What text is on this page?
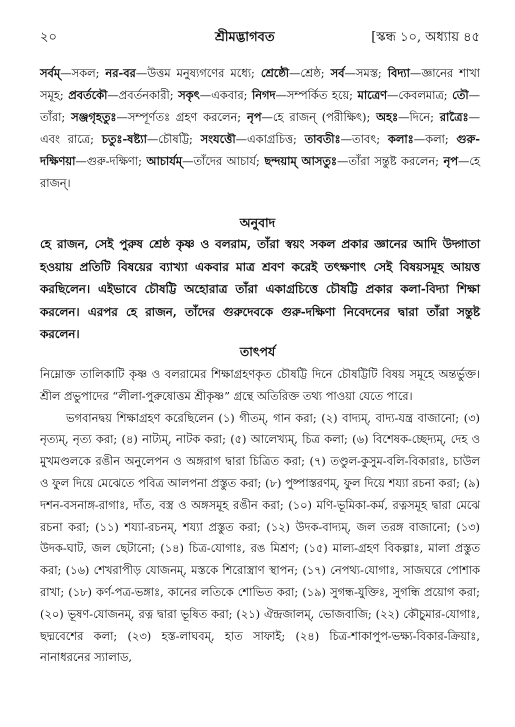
২০	শ্রীমদ্ভাগবত	[স্কন্ধ ১০, অধ্যায় ৪৫
সর্বম্—সকল; নর-বর—উত্তম মনুষ্যগণের মধ্যে; শ্রেষ্ঠৌ—শ্রেষ্ঠ; সর্ব—সমস্ত; বিদ্যা—জ্ঞানের শাখা সমূহ; প্রবর্তকৌ—প্রবর্তনকারী; সকৃৎ—একবার; নিগদ—সম্পর্কিত হয়ে; মাত্রেণ—কেবলমাত্র; তৌ—তাঁরা; সঞ্জগৃহতুঃ—সম্পূর্ণতঃ গ্রহণ করলেন; নৃপ—হে রাজন্ (পরীক্ষিৎ); অহঃ—দিনে; রাত্রৈঃ—এবং রাত্রে; চতুঃ-ষষ্ট্যা—চৌষট্টি; সংযত্তৌ—একাগ্রচিত্ত; তাবতীঃ—তাবৎ; কলাঃ—কলা; গুরু-দক্ষিণয়া—গুরু-দক্ষিণা; আচার্যম্—তাঁদের আচার্য; ছন্দয়াম্ আসতুঃ—তাঁরা সন্তুষ্ট করলেন; নৃপ—হে রাজন্।
অনুবাদ
হে রাজন, সেই পুরুষ শ্রেষ্ঠ কৃষ্ণ ও বলরাম, তাঁরা স্বয়ং সকল প্রকার জ্ঞানের আদি উদ্গাতা হওয়ায় প্রতিটি বিষয়ের ব্যাখ্যা একবার মাত্র শ্রবণ করেই তৎক্ষণাৎ সেই বিষয়সমূহ আয়ত্ত করছিলেন। এইভাবে চৌষট্টি অহোরাত্র তাঁরা একাগ্রচিত্তে চৌষট্টি প্রকার কলা-বিদ্যা শিক্ষা করলেন। এরপর হে রাজন, তাঁদের গুরুদেবকে গুরু-দক্ষিণা নিবেদনের দ্বারা তাঁরা সন্তুষ্ট করলেন।
তাৎপর্য

নিম্নোক্ত তালিকাটি কৃষ্ণ ও বলরামের শিক্ষাগ্রহণকৃত চৌষট্টি দিনে চৌষট্টিটি বিষয় সমূহে অন্তর্ভুক্ত। শ্রীল প্রভুপাদের “লীলা-পুরুষোত্তম শ্রীকৃষ্ণ” গ্রন্থে অতিরিক্ত তথ্য পাওয়া যেতে পারে।

ভগবানদ্বয় শিক্ষাগ্রহণ করেছিলেন (১) গীতম্, গান করা; (২) বাদ্যম্, বাদ্য-যন্ত্র বাজানো; (৩) নৃত্যম্, নৃত্য করা; (৪) নাট্যম্, নাটক করা; (৫) আলেখ্যম্, চিত্র কলা; (৬) বিশেষক-চ্ছেদ্যম্, দেহ ও মুখমণ্ডলকে রঙীন অনুলেপন ও অঙ্গরাগ দ্বারা চিত্রিত করা; (৭) তণ্ডুল-কুসুম-বলি-বিকারাঃ, চাউল ও ফুল দিয়ে মেঝেতে পবিত্র আলপনা প্রস্তুত করা; (৮) পুষ্পাস্তরণম্, ফুল দিয়ে শয্যা রচনা করা; (৯) দশন-বসনাঙ্গ-রাগাঃ, দাঁত, বস্ত্র ও অঙ্গসমূহ রঙীন করা; (১০) মণি-ভূমিকা-কর্ম, রত্নসমূহ দ্বারা মেঝে রচনা করা; (১১) শয্যা-রচনম্, শয্যা প্রস্তুত করা; (১২) উদক-বাদ্যম্, জল তরঙ্গ বাজানো; (১৩) উদক-ঘাট, জল ছেটানো; (১৪) চিত্র-যোগাঃ, রঙ মিশ্রণ; (১৫) মাল্য-গ্রহণ বিকল্পাঃ, মালা প্রস্তুত করা; (১৬) শেখরাপীড় যোজনম্, মস্তকে শিরোস্ত্রাণ স্থাপন; (১৭) নেপথ্য-যোগাঃ, সাজঘরে পোশাক রাখা; (১৮) কর্ণ-পত্র-ভঙ্গাঃ, কানের লতিকে শোভিত করা; (১৯) সুগন্ধ-যুক্তিঃ, সুগন্ধি প্রয়োগ করা; (২০) ভূষণ-যোজনম্, রত্ন দ্বারা ভূষিত করা; (২১) ঐন্দ্রজালম্, ভোজবাজি; (২২) কৌচুমার-যোগাঃ, ছদ্মবেশের কলা; (২৩) হস্ত-লাঘবম্, হাত সাফাই; (২৪) চিত্র-শাকাপুপ-ভক্ষ্য-বিকার-ক্রিয়াঃ, নানাধরনের স্যালাড,
